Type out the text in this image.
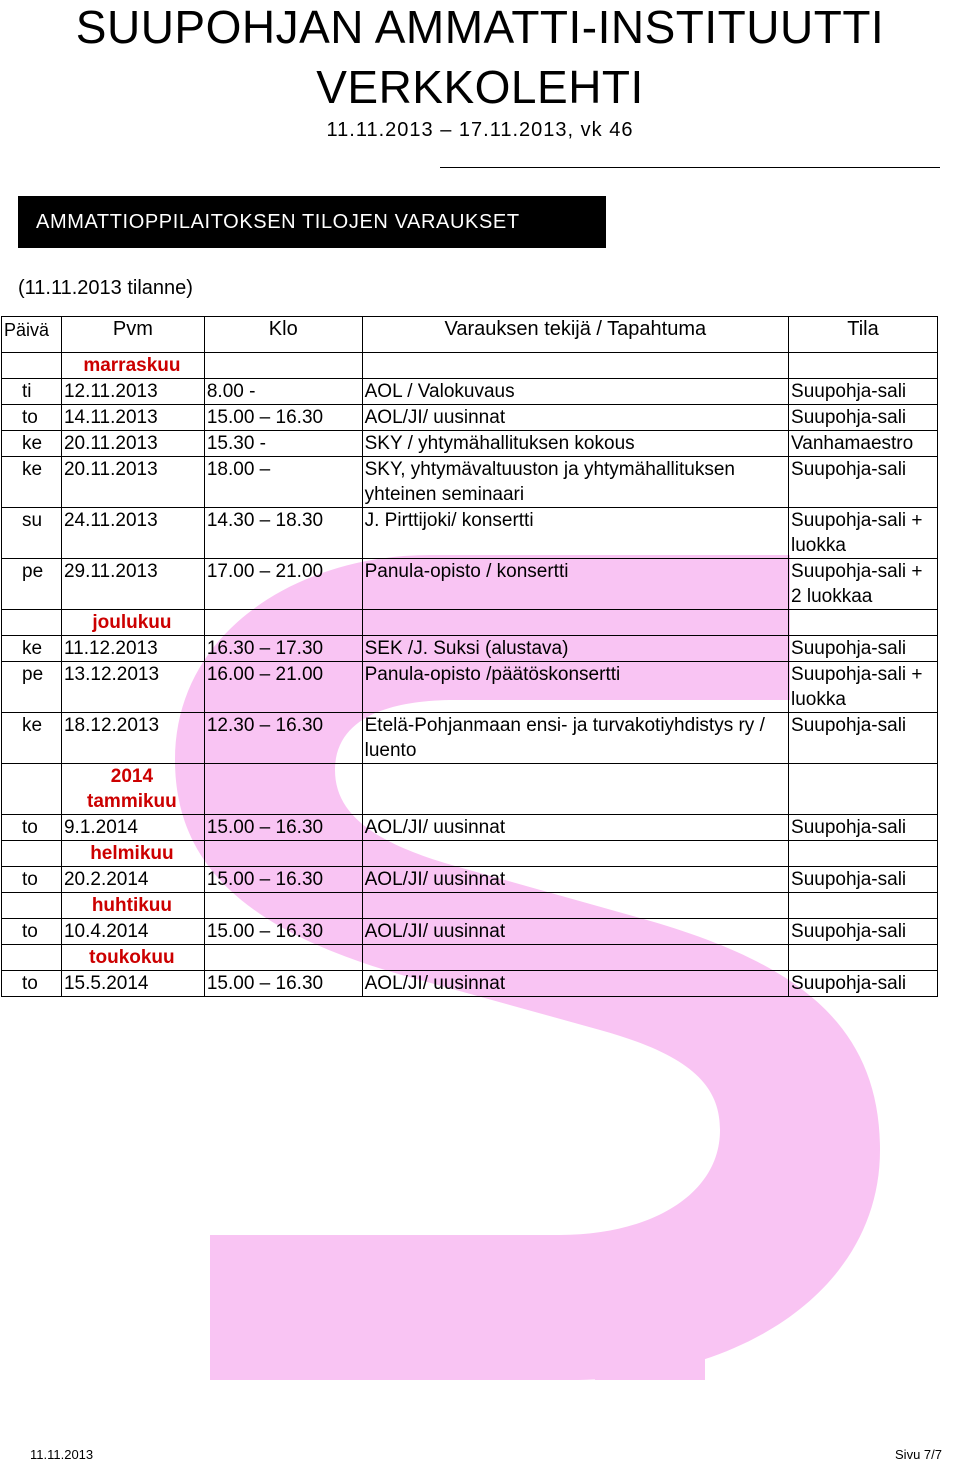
SUUPOHJAN AMMATTI-INSTITUUTTI
VERKKOLEHTI
11.11.2013 – 17.11.2013, vk 46
AMMATTIOPPILAITOKSEN TILOJEN VARAUKSET
(11.11.2013 tilanne)
Päivä	Pvm	Klo	Varauksen tekijä / Tapahtuma	Tila
	marraskuu			
ti	12.11.2013	8.00 -	AOL / Valokuvaus	Suupohja-sali
to	14.11.2013	15.00 – 16.30	AOL/JI/ uusinnat	Suupohja-sali
ke	20.11.2013	15.30 -	SKY / yhtymähallituksen kokous	Vanhamaestro
ke	20.11.2013	18.00 –	SKY, yhtymävaltuuston ja yhtymähallituksen yhteinen seminaari	Suupohja-sali
su	24.11.2013	14.30 – 18.30	J. Pirttijoki/ konsertti	Suupohja-sali + luokka
pe	29.11.2013	17.00 – 21.00	Panula-opisto / konsertti	Suupohja-sali + 2 luokkaa
	joulukuu			
ke	11.12.2013	16.30 – 17.30	SEK /J. Suksi (alustava)	Suupohja-sali
pe	13.12.2013	16.00 – 21.00	Panula-opisto /päätöskonsertti	Suupohja-sali + luokka
ke	18.12.2013	12.30 – 16.30	Etelä-Pohjanmaan ensi- ja turvakotiyhdistys ry / luento	Suupohja-sali

	2014
tammikuu			

to	9.1.2014	15.00 – 16.30	AOL/JI/ uusinnat	Suupohja-sali
	helmikuu			
to	20.2.2014	15.00 – 16.30	AOL/JI/ uusinnat	Suupohja-sali
	huhtikuu			
to	10.4.2014	15.00 – 16.30	AOL/JI/ uusinnat	Suupohja-sali
	toukokuu			
to	15.5.2014	15.00 – 16.30	AOL/JI/ uusinnat	Suupohja-sali
11.11.2013	Sivu 7/7
